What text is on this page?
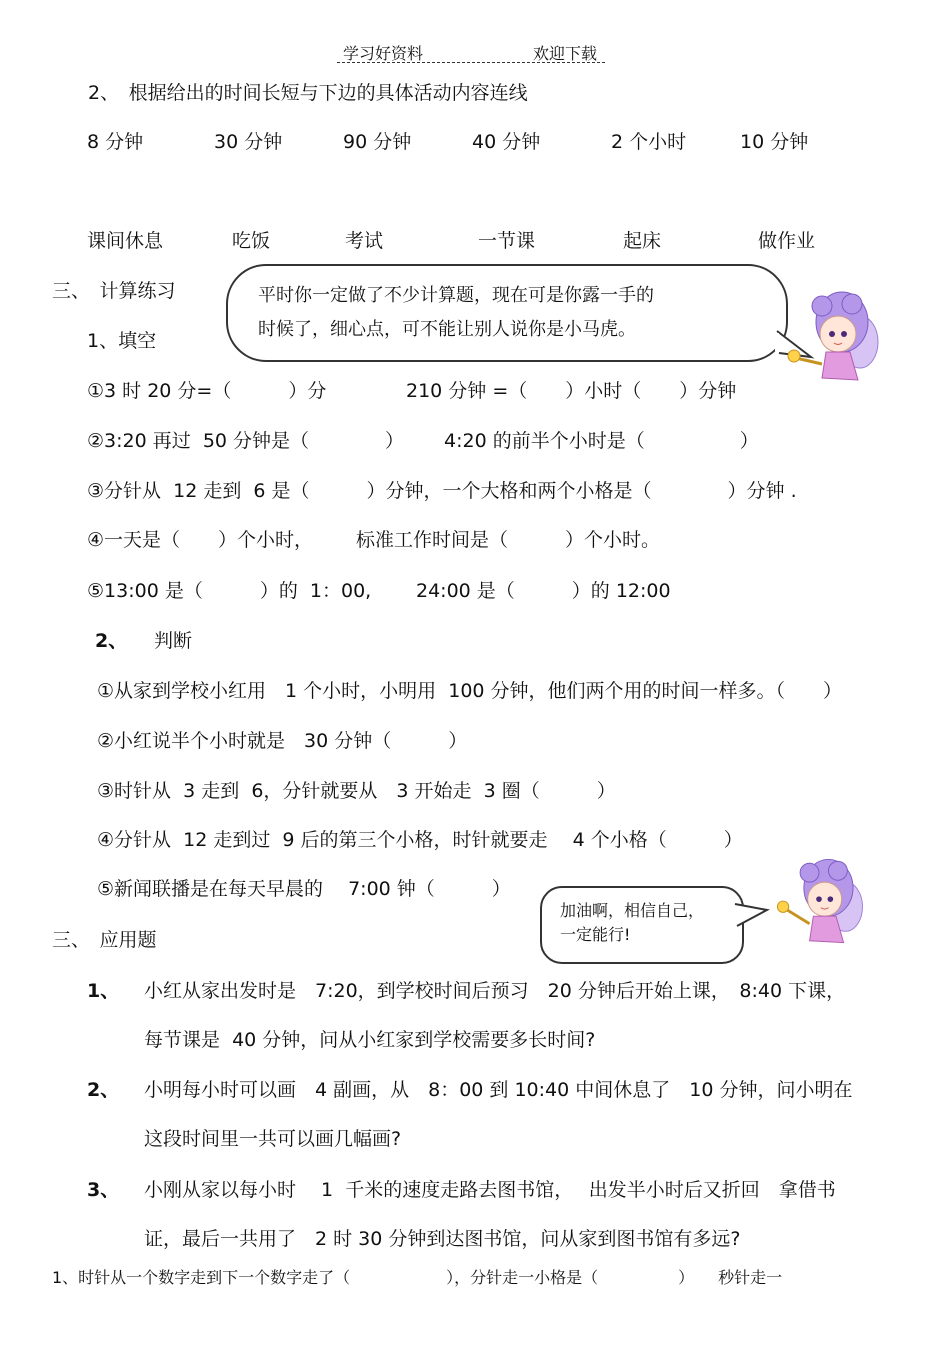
学习好资料	欢迎下载
2、　根据给出的时间长短与下边的具体活动内容连线
8 分钟	30 分钟	90 分钟	40 分钟	2 个小时	10 分钟
课间休息	吃饭	考试	一节课	起床	做作业
三、　计算练习	平时你一定做了不少计算题，现在可是你露一手的
时候了，细心点，可不能让别人说你是小马虎。
1、填空
①3 时 20 分=（　　　）分	210 分钟 =（　　）小时（　　）分钟
②3:20 再过  50 分钟是（　　　　） 4:20 的前半个小时是（　　　　　）
③分针从  12 走到  6 是（　　　）分钟，一个大格和两个小格是（　　　　）分钟 .
④一天是（　　）个小时， 标准工作时间是（　　　）个小时。
⑤13:00 是（　　　）的  1：00, 24:00 是（　　　）的 12:00
2、 判断
①从家到学校小红用　1 个小时，小明用  100 分钟，他们两个用的时间一样多。（　　）
②小红说半个小时就是　30 分钟（　　　）
③时针从  3 走到  6，分针就要从　3 开始走  3 圈（　　　）
④分针从  12 走到过  9 后的第三个小格，时针就要走　 4 个小格（　　　）
⑤新闻联播是在每天早晨的　 7:00 钟（　　　）
三、　应用题
加油啊，相信自己，
一定能行!
1、 小红从家出发时是　7:20，到学校时间后预习　20 分钟后开始上课，　8:40 下课，
每节课是  40 分钟，问从小红家到学校需要多长时间?
2、 小明每小时可以画　4 副画，从　8：00 到 10:40 中间休息了　10 分钟，问小明在
这段时间里一共可以画几幅画?
3、 小刚从家以每小时　 1  千米的速度走路去图书馆，　 出发半小时后又折回　拿借书
证，最后一共用了　2 时 30 分钟到达图书馆，问从家到图书馆有多远?
1、时针从一个数字走到下一个数字走了（　　　　　　），分针走一小格是（　　　　　）　　秒针走一
